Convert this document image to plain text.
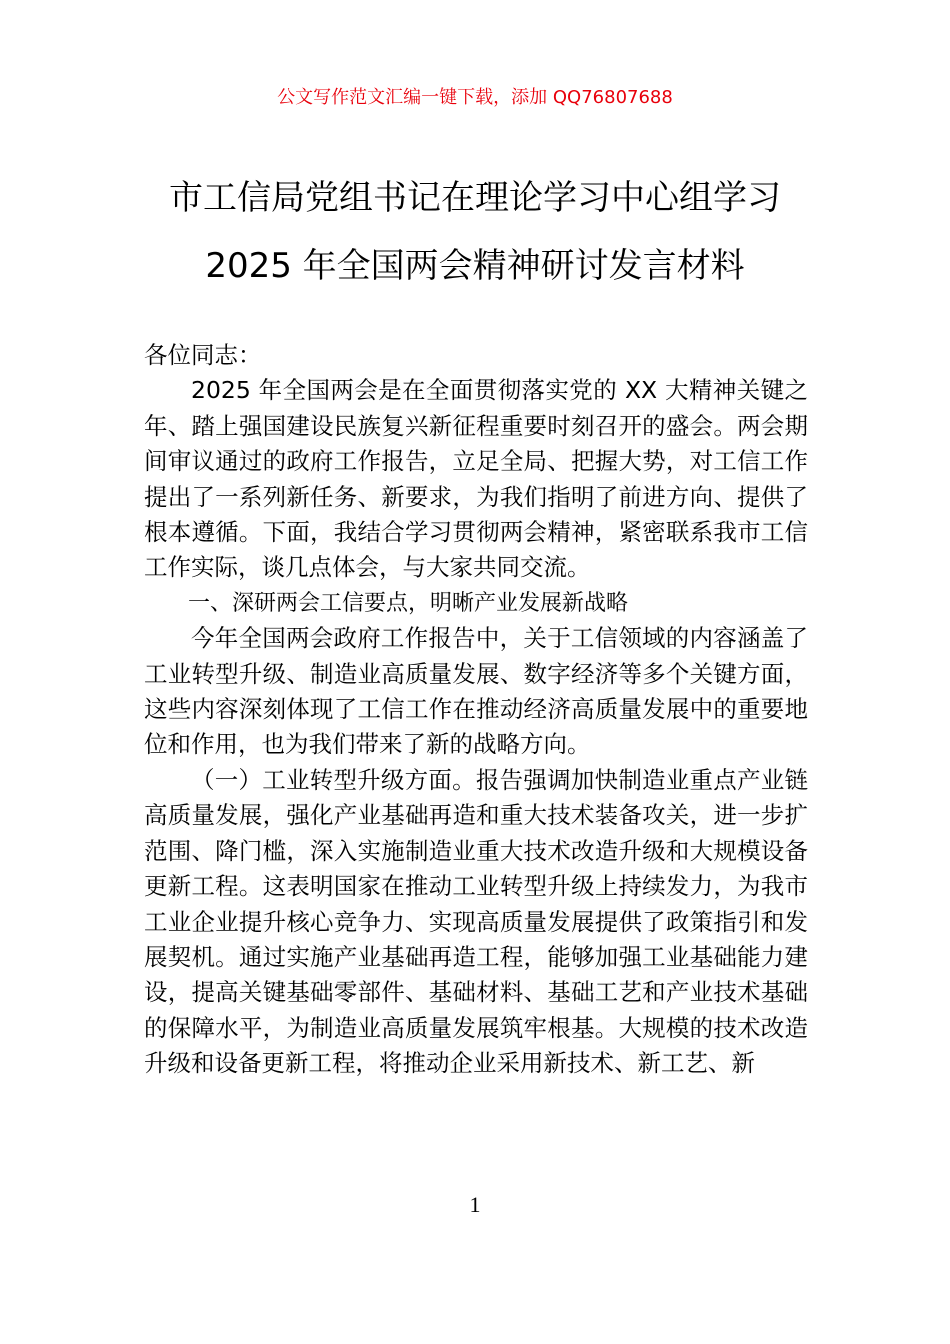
公文写作范文汇编一键下载，添加 QQ76807688
市工信局党组书记在理论学习中心组学习
2025 年全国两会精神研讨发言材料

各位同志：

2025 年全国两会是在全面贯彻落实党的 XX 大精神关键之年、踏上强国建设民族复兴新征程重要时刻召开的盛会。两会期间审议通过的政府工作报告，立足全局、把握大势，对工信工作提出了一系列新任务、新要求，为我们指明了前进方向、提供了根本遵循。下面，我结合学习贯彻两会精神，紧密联系我市工信工作实际，谈几点体会，与大家共同交流。

一、深研两会工信要点，明晰产业发展新战略

今年全国两会政府工作报告中，关于工信领域的内容涵盖了工业转型升级、制造业高质量发展、数字经济等多个关键方面，这些内容深刻体现了工信工作在推动经济高质量发展中的重要地位和作用，也为我们带来了新的战略方向。

（一）工业转型升级方面。报告强调加快制造业重点产业链高质量发展，强化产业基础再造和重大技术装备攻关，进一步扩范围、降门槛，深入实施制造业重大技术改造升级和大规模设备更新工程。这表明国家在推动工业转型升级上持续发力，为我市工业企业提升核心竞争力、实现高质量发展提供了政策指引和发展契机。通过实施产业基础再造工程，能够加强工业基础能力建设，提高关键基础零部件、基础材料、基础工艺和产业技术基础的保障水平，为制造业高质量发展筑牢根基。大规模的技术改造升级和设备更新工程，将推动企业采用新技术、新工艺、新

1
